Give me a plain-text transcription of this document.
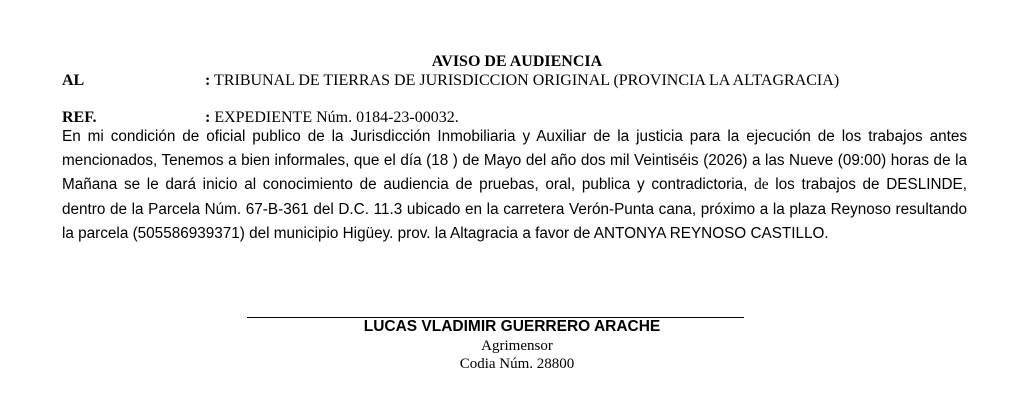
AVISO DE AUDIENCIA
AL	: TRIBUNAL DE TIERRAS DE JURISDICCION ORIGINAL (PROVINCIA LA ALTAGRACIA)
REF.	: EXPEDIENTE Núm. 0184-23-00032.

En mi condición de oficial publico de la Jurisdicción Inmobiliaria y Auxiliar de la justicia para la ejecución de los trabajos antes mencionados, Tenemos a bien informales, que el día (18 ) de Mayo del año dos mil Veintiséis (2026) a las Nueve (09:00) horas de la Mañana se le dará inicio al conocimiento de audiencia de pruebas, oral, publica y contradictoria, de los trabajos de DESLINDE, dentro de la Parcela Núm. 67-B-361 del D.C. 11.3 ubicado en la carretera Verón-Punta cana, próximo a la plaza Reynoso resultando la parcela (505586939371) del municipio Higüey. prov. la Altagracia a favor de ANTONYA REYNOSO CASTILLO.

LUCAS VLADIMIR GUERRERO ARACHE
Agrimensor
Codia Núm. 28800
